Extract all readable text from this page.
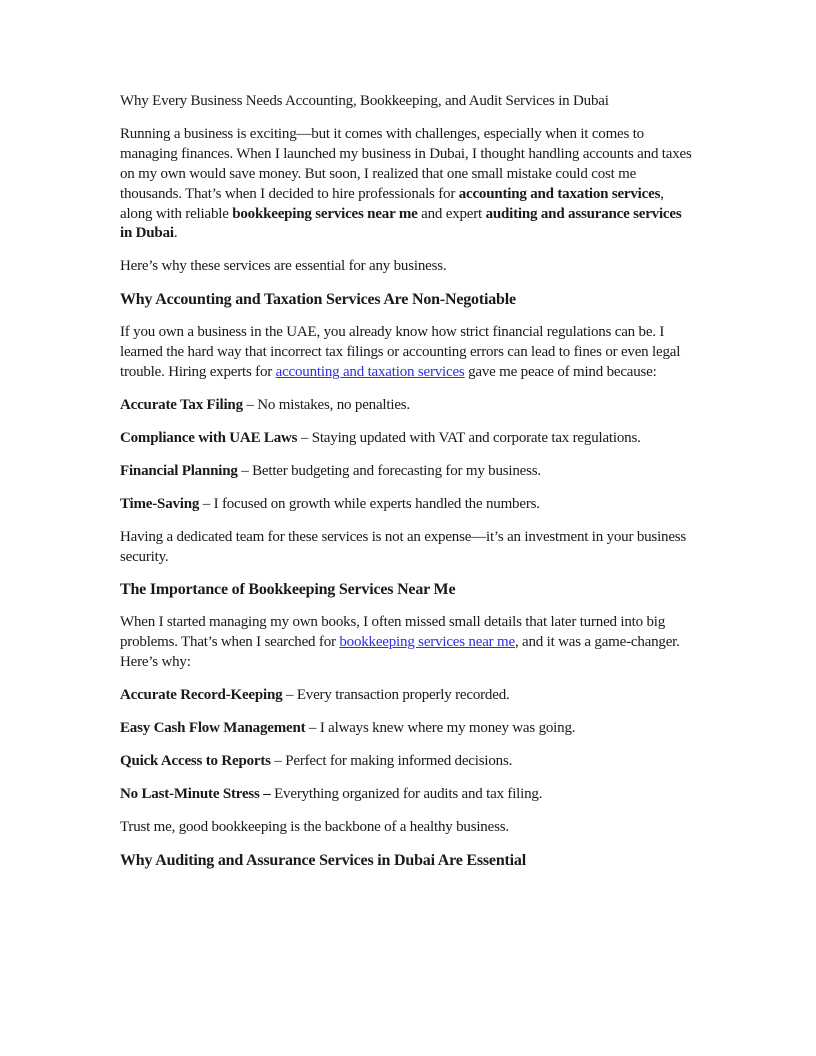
Why Every Business Needs Accounting, Bookkeeping, and Audit Services in Dubai

Running a business is exciting—but it comes with challenges, especially when it comes to managing finances. When I launched my business in Dubai, I thought handling accounts and taxes on my own would save money. But soon, I realized that one small mistake could cost me thousands. That’s when I decided to hire professionals for accounting and taxation services, along with reliable bookkeeping services near me and expert auditing and assurance services in Dubai.

Here’s why these services are essential for any business.

Why Accounting and Taxation Services Are Non-Negotiable

If you own a business in the UAE, you already know how strict financial regulations can be. I learned the hard way that incorrect tax filings or accounting errors can lead to fines or even legal trouble. Hiring experts for accounting and taxation services gave me peace of mind because:

Accurate Tax Filing – No mistakes, no penalties.

Compliance with UAE Laws – Staying updated with VAT and corporate tax regulations.

Financial Planning – Better budgeting and forecasting for my business.

Time-Saving – I focused on growth while experts handled the numbers.

Having a dedicated team for these services is not an expense—it’s an investment in your business security.

The Importance of Bookkeeping Services Near Me

When I started managing my own books, I often missed small details that later turned into big problems. That’s when I searched for bookkeeping services near me, and it was a game-changer. Here’s why:

Accurate Record-Keeping – Every transaction properly recorded.

Easy Cash Flow Management – I always knew where my money was going.

Quick Access to Reports – Perfect for making informed decisions.

No Last-Minute Stress – Everything organized for audits and tax filing.

Trust me, good bookkeeping is the backbone of a healthy business.

Why Auditing and Assurance Services in Dubai Are Essential
